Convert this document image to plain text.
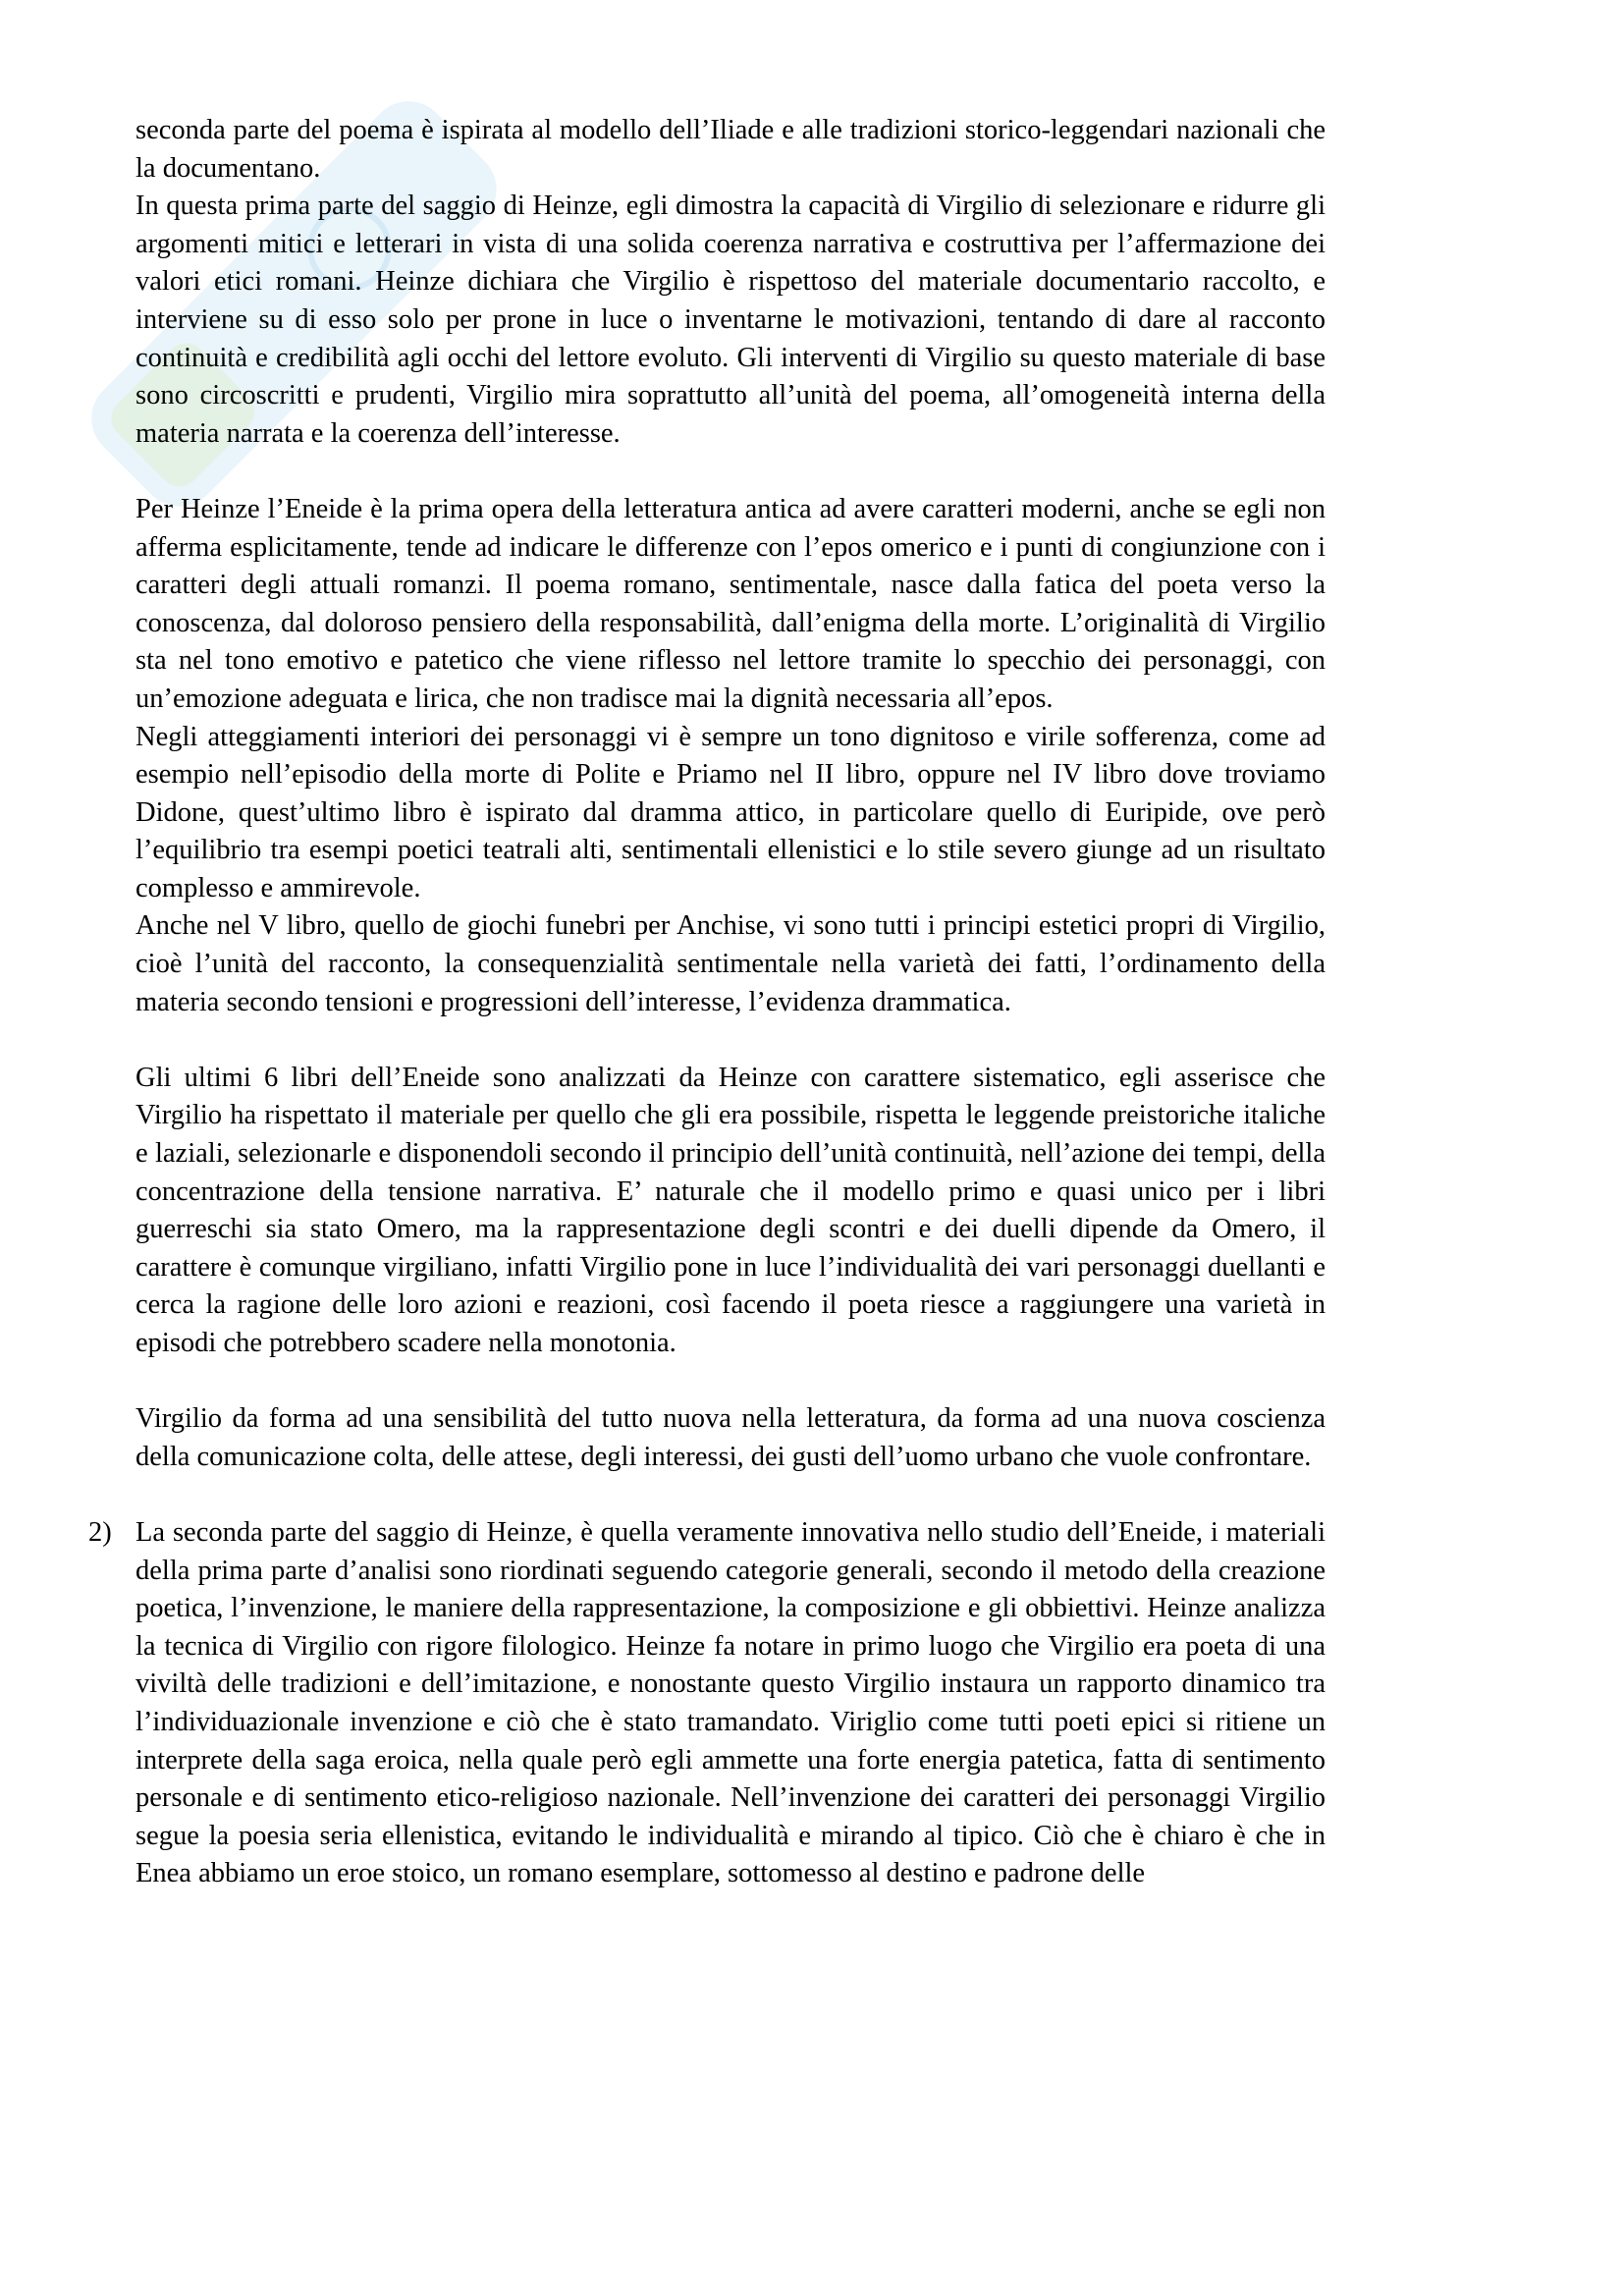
seconda parte del poema è ispirata al modello dell’Iliade e alle tradizioni storico-leggendari nazionali che la documentano.

In questa prima parte del saggio di Heinze, egli dimostra la capacità di Virgilio di selezionare e ridurre gli argomenti mitici e letterari in vista di una solida coerenza narrativa e costruttiva per l’affermazione dei valori etici romani. Heinze dichiara che Virgilio è rispettoso del materiale documentario raccolto, e interviene su di esso solo per prone in luce o inventarne le motivazioni, tentando di dare al racconto continuità e credibilità agli occhi del lettore evoluto. Gli interventi di Virgilio su questo materiale di base sono circoscritti e prudenti, Virgilio mira soprattutto all’unità del poema, all’omogeneità interna della materia narrata e la coerenza dell’interesse.

Per Heinze l’Eneide è la prima opera della letteratura antica ad avere caratteri moderni, anche se egli non afferma esplicitamente, tende ad indicare le differenze con l’epos omerico e i punti di congiunzione con i caratteri degli attuali romanzi. Il poema romano, sentimentale, nasce dalla fatica del poeta verso la conoscenza, dal doloroso pensiero della responsabilità, dall’enigma della morte. L’originalità di Virgilio sta nel tono emotivo e patetico che viene riflesso nel lettore tramite lo specchio dei personaggi, con un’emozione adeguata e lirica, che non tradisce mai la dignità necessaria all’epos.

Negli atteggiamenti interiori dei personaggi vi è sempre un tono dignitoso e virile sofferenza, come ad esempio nell’episodio della morte di Polite e Priamo nel II libro, oppure nel IV libro dove troviamo Didone, quest’ultimo libro è ispirato dal dramma attico, in particolare quello di Euripide, ove però l’equilibrio tra esempi poetici teatrali alti, sentimentali ellenistici e lo stile severo giunge ad un risultato complesso e ammirevole.

Anche nel V libro, quello de giochi funebri per Anchise, vi sono tutti i principi estetici propri di Virgilio, cioè l’unità del racconto, la consequenzialità sentimentale nella varietà dei fatti, l’ordinamento della materia secondo tensioni e progressioni dell’interesse, l’evidenza drammatica.

Gli ultimi 6 libri dell’Eneide sono analizzati da Heinze con carattere sistematico, egli asserisce che Virgilio ha rispettato il materiale per quello che gli era possibile, rispetta le leggende preistoriche italiche e laziali, selezionarle e disponendoli secondo il principio dell’unità continuità, nell’azione dei tempi, della concentrazione della tensione narrativa. E’ naturale che il modello primo e quasi unico per i libri guerreschi sia stato Omero, ma la rappresentazione degli scontri e dei duelli dipende da Omero, il carattere è comunque virgiliano, infatti Virgilio pone in luce l’individualità dei vari personaggi duellanti e cerca la ragione delle loro azioni e reazioni, così facendo il poeta riesce a raggiungere una varietà in episodi che potrebbero scadere nella monotonia.

Virgilio da forma ad una sensibilità del tutto nuova nella letteratura, da forma ad una nuova coscienza della comunicazione colta, delle attese, degli interessi, dei gusti dell’uomo urbano che vuole confrontare.

2) La seconda parte del saggio di Heinze, è quella veramente innovativa nello studio dell’Eneide, i materiali della prima parte d’analisi sono riordinati seguendo categorie generali, secondo il metodo della creazione poetica, l’invenzione, le maniere della rappresentazione, la composizione e gli obbiettivi. Heinze analizza la tecnica di Virgilio con rigore filologico. Heinze fa notare in primo luogo che Virgilio era poeta di una viviltà delle tradizioni e dell’imitazione, e nonostante questo Virgilio instaura un rapporto dinamico tra l’individuazionale invenzione e ciò che è stato tramandato. Viriglio come tutti poeti epici si ritiene un interprete della saga eroica, nella quale però egli ammette una forte energia patetica, fatta di sentimento personale e di sentimento etico-religioso nazionale. Nell’invenzione dei caratteri dei personaggi Virgilio segue la poesia seria ellenistica, evitando le individualità e mirando al tipico. Ciò che è chiaro è che in Enea abbiamo un eroe stoico, un romano esemplare, sottomesso al destino e padrone delle
